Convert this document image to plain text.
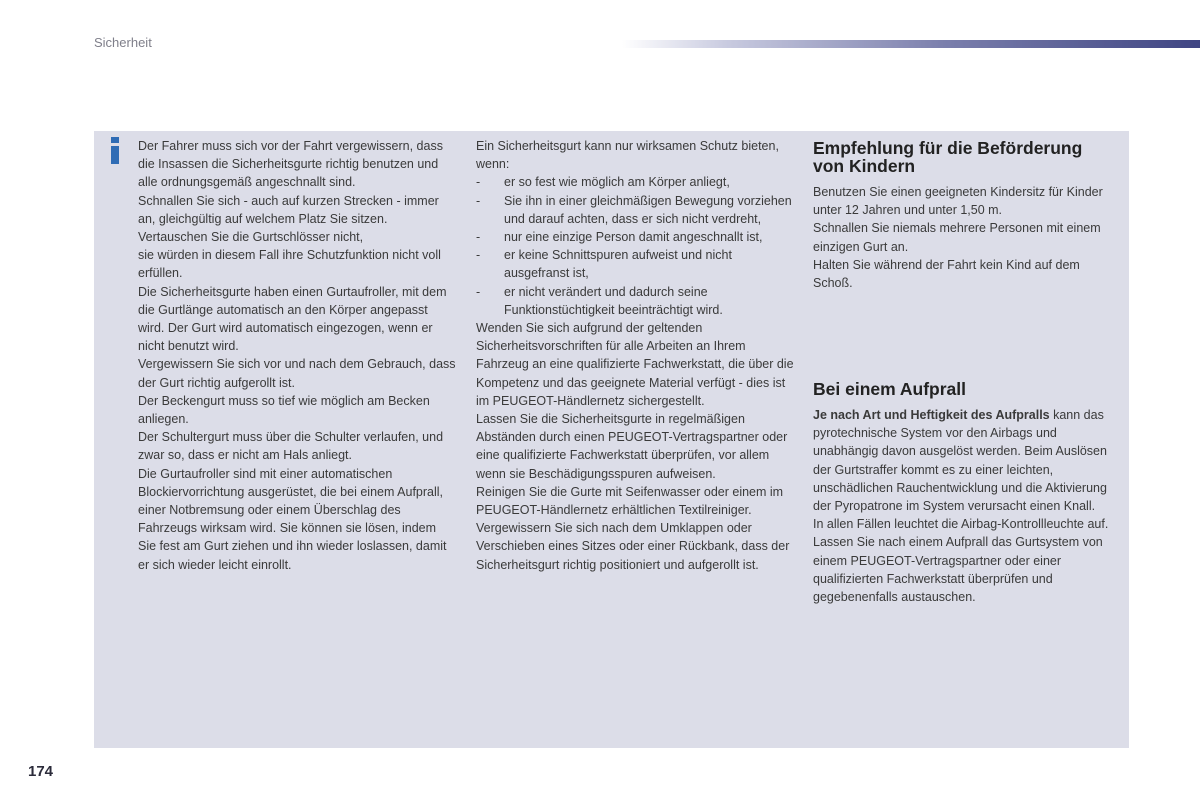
Sicherheit

Der Fahrer muss sich vor der Fahrt vergewissern, dass die Insassen die Sicherheitsgurte richtig benutzen und alle ordnungsgemäß angeschnallt sind.

Schnallen Sie sich - auch auf kurzen Strecken - immer an, gleichgültig auf welchem Platz Sie sitzen.

Vertauschen Sie die Gurtschlösser nicht,

sie würden in diesem Fall ihre Schutzfunktion nicht voll erfüllen.

Die Sicherheitsgurte haben einen Gurtaufroller, mit dem die Gurtlänge automatisch an den Körper angepasst wird. Der Gurt wird automatisch eingezogen, wenn er nicht benutzt wird.

Vergewissern Sie sich vor und nach dem Gebrauch, dass der Gurt richtig aufgerollt ist.

Der Beckengurt muss so tief wie möglich am Becken anliegen.

Der Schultergurt muss über die Schulter verlaufen, und zwar so, dass er nicht am Hals anliegt.

Die Gurtaufroller sind mit einer automatischen Blockiervorrichtung ausgerüstet, die bei einem Aufprall, einer Notbremsung oder einem Überschlag des Fahrzeugs wirksam wird. Sie können sie lösen, indem Sie fest am Gurt ziehen und ihn wieder loslassen, damit er sich wieder leicht einrollt.

Ein Sicherheitsgurt kann nur wirksamen Schutz bieten, wenn:

- er so fest wie möglich am Körper anliegt,
- Sie ihn in einer gleichmäßigen Bewegung vorziehen und darauf achten, dass er sich nicht verdreht,
- nur eine einzige Person damit angeschnallt ist,
- er keine Schnittspuren aufweist und nicht ausgefranst ist,
- er nicht verändert und dadurch seine Funktionstüchtigkeit beeinträchtigt wird.

Wenden Sie sich aufgrund der geltenden Sicherheitsvorschriften für alle Arbeiten an Ihrem Fahrzeug an eine qualifizierte Fachwerkstatt, die über die Kompetenz und das geeignete Material verfügt - dies ist im PEUGEOT-Händlernetz sichergestellt.

Lassen Sie die Sicherheitsgurte in regelmäßigen Abständen durch einen PEUGEOT-Vertragspartner oder eine qualifizierte Fachwerkstatt überprüfen, vor allem wenn sie Beschädigungsspuren aufweisen.

Reinigen Sie die Gurte mit Seifenwasser oder einem im PEUGEOT-Händlernetz erhältlichen Textilreiniger.

Vergewissern Sie sich nach dem Umklappen oder Verschieben eines Sitzes oder einer Rückbank, dass der Sicherheitsgurt richtig positioniert und aufgerollt ist.

Empfehlung für die Beförderung von Kindern

Benutzen Sie einen geeigneten Kindersitz für Kinder unter 12 Jahren und unter 1,50 m.

Schnallen Sie niemals mehrere Personen mit einem einzigen Gurt an.

Halten Sie während der Fahrt kein Kind auf dem Schoß.

Bei einem Aufprall

Je nach Art und Heftigkeit des Aufpralls kann das pyrotechnische System vor den Airbags und unabhängig davon ausgelöst werden. Beim Auslösen der Gurtstraffer kommt es zu einer leichten, unschädlichen Rauchentwicklung und die Aktivierung der Pyropatrone im System verursacht einen Knall.

In allen Fällen leuchtet die Airbag-Kontrollleuchte auf.

Lassen Sie nach einem Aufprall das Gurtsystem von einem PEUGEOT-Vertragspartner oder einer qualifizierten Fachwerkstatt überprüfen und gegebenenfalls austauschen.

174
